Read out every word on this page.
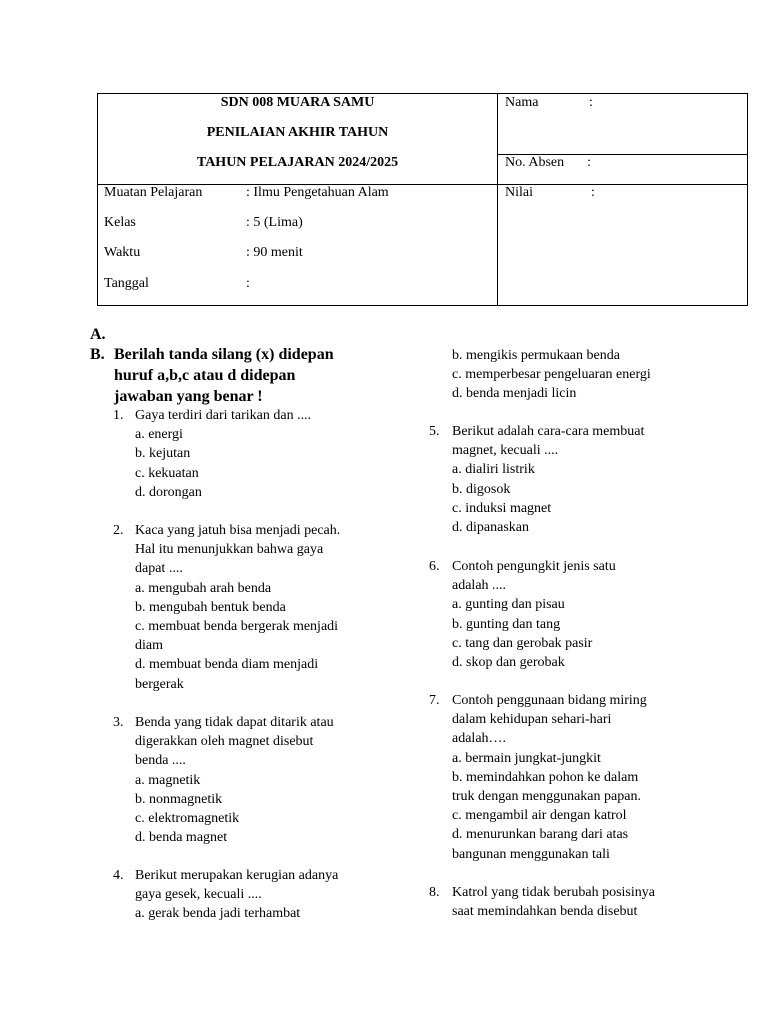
SDN 008 MUARA SAMU
PENILAIAN AKHIR TAHUN
TAHUN PELAJARAN 2024/2025
Nama	:
No. Absen :
Nilai	:
Muatan Pelajaran	: Ilmu Pengetahuan Alam
Kelas	: 5 (Lima)
Waktu	: 90 menit
Tanggal	:
A.
B. Berilah tanda silang (x) didepan
huruf a,b,c atau d didepan
jawaban yang benar !
1. Gaya terdiri dari tarikan dan ....
a. energi
b. kejutan
c. kekuatan
d. dorongan
2. Kaca yang jatuh bisa menjadi pecah.
Hal itu menunjukkan bahwa gaya
dapat ....
a. mengubah arah benda
b. mengubah bentuk benda
c. membuat benda bergerak menjadi
diam
d. membuat benda diam menjadi
bergerak
3. Benda yang tidak dapat ditarik atau
digerakkan oleh magnet disebut
benda ....
a. magnetik
b. nonmagnetik
c. elektromagnetik
d. benda magnet
4. Berikut merupakan kerugian adanya
gaya gesek, kecuali ....
a. gerak benda jadi terhambat
b. mengikis permukaan benda
c. memperbesar pengeluaran energi
d. benda menjadi licin
5. Berikut adalah cara-cara membuat
magnet, kecuali ....
a. dialiri listrik
b. digosok
c. induksi magnet
d. dipanaskan
6. Contoh pengungkit jenis satu
adalah ....
a. gunting dan pisau
b. gunting dan tang
c. tang dan gerobak pasir
d. skop dan gerobak
7. Contoh penggunaan bidang miring
dalam kehidupan sehari-hari
adalah….
a. bermain jungkat-jungkit
b. memindahkan pohon ke dalam
truk dengan menggunakan papan.
c. mengambil air dengan katrol
d. menurunkan barang dari atas
bangunan menggunakan tali
8. Katrol yang tidak berubah posisinya
saat memindahkan benda disebut
